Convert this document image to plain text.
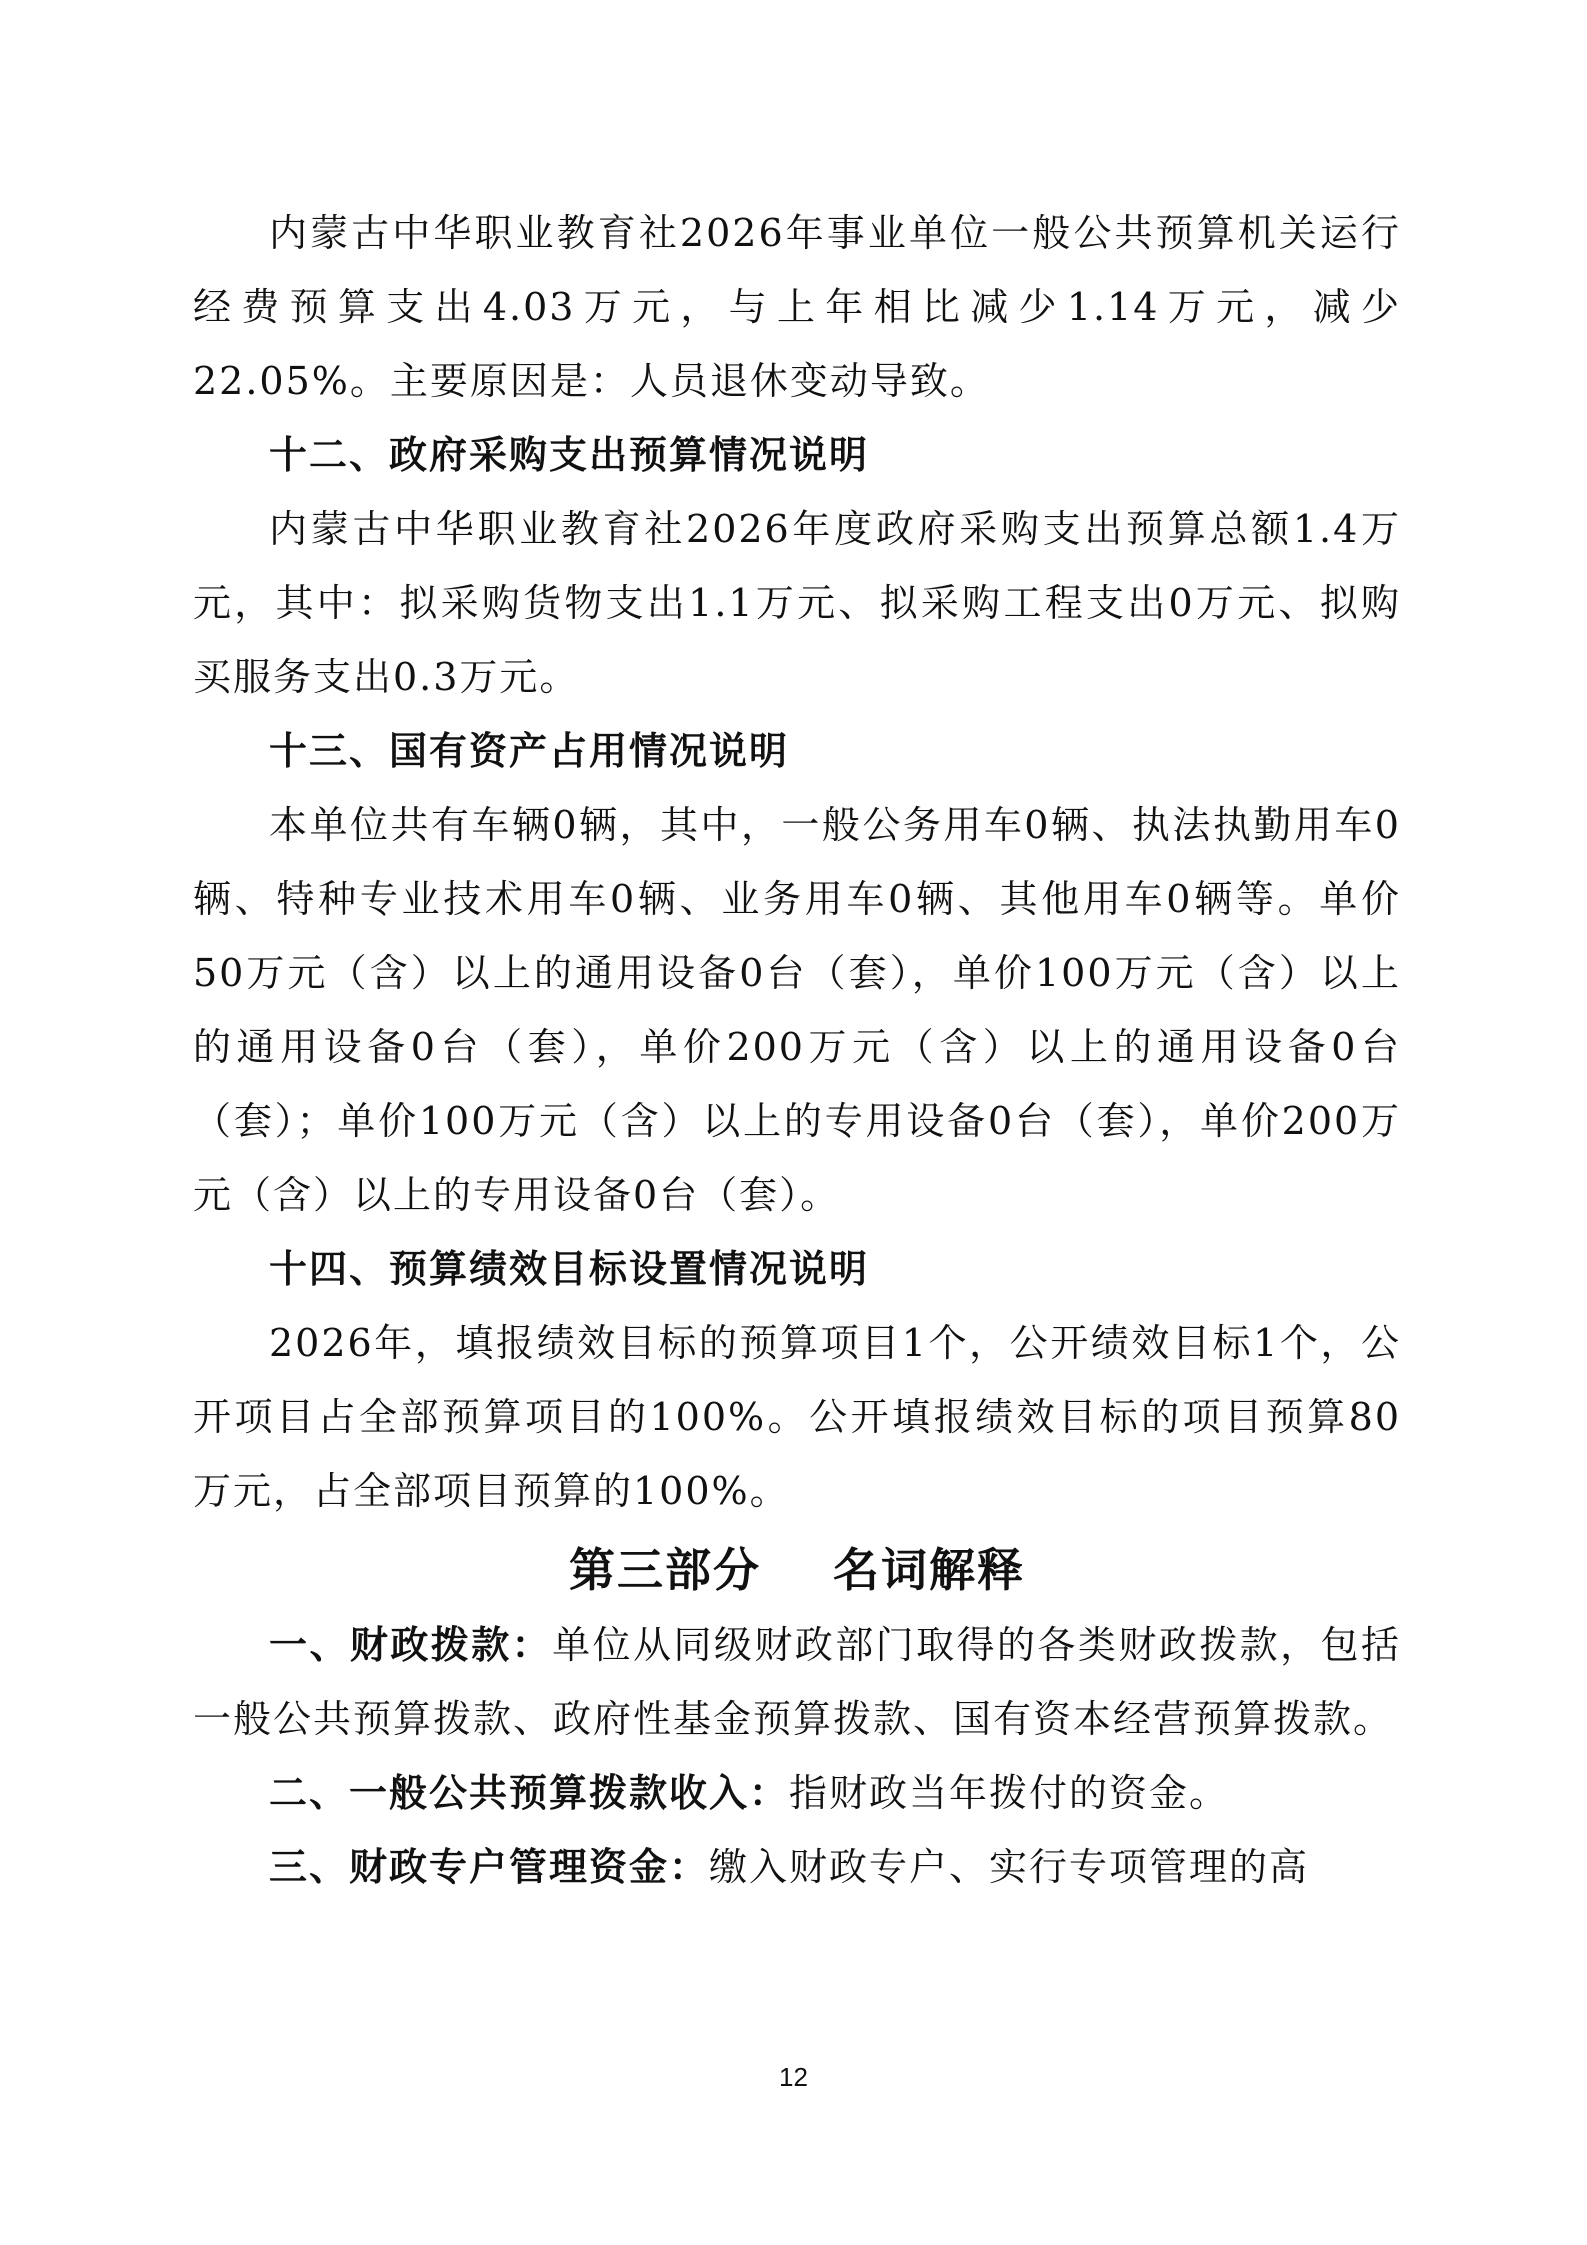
内蒙古中华职业教育社2026年事业单位一般公共预算机关运行经费预算支出4.03万元，与上年相比减少1.14万元，减少22.05%。主要原因是：人员退休变动导致。

十二、政府采购支出预算情况说明

内蒙古中华职业教育社2026年度政府采购支出预算总额1.4万元，其中：拟采购货物支出1.1万元、拟采购工程支出0万元、拟购买服务支出0.3万元。

十三、国有资产占用情况说明

本单位共有车辆0辆，其中，一般公务用车0辆、执法执勤用车0辆、特种专业技术用车0辆、业务用车0辆、其他用车0辆等。单价50万元（含）以上的通用设备0台（套），单价100万元（含）以上的通用设备0台（套），单价200万元（含）以上的通用设备0台（套）；单价100万元（含）以上的专用设备0台（套），单价200万元（含）以上的专用设备0台（套）。

十四、预算绩效目标设置情况说明

2026年，填报绩效目标的预算项目1个，公开绩效目标1个，公开项目占全部预算项目的100%。公开填报绩效目标的项目预算80万元，占全部项目预算的100%。

第三部分    名词解释

一、财政拨款：单位从同级财政部门取得的各类财政拨款，包括一般公共预算拨款、政府性基金预算拨款、国有资本经营预算拨款。

二、一般公共预算拨款收入：指财政当年拨付的资金。

三、财政专户管理资金：缴入财政专户、实行专项管理的高

12
